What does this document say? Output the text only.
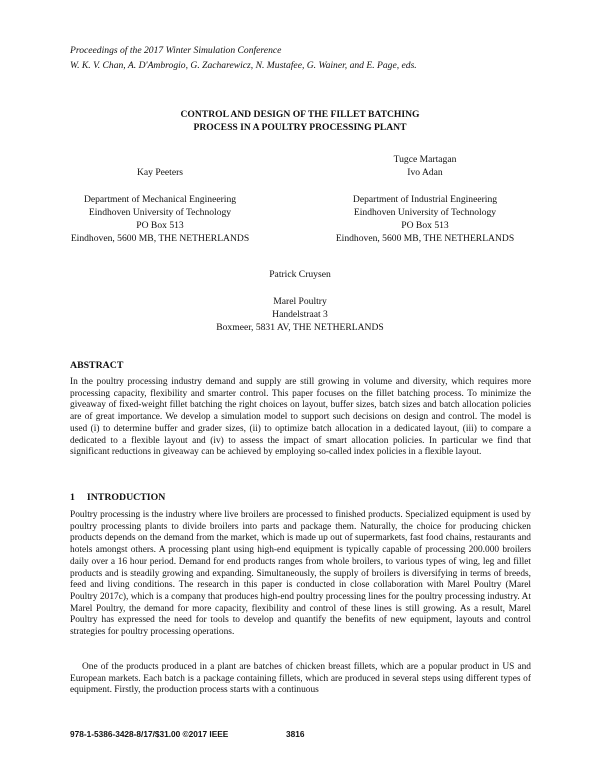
Proceedings of the 2017 Winter Simulation Conference
W. K. V. Chan, A. D'Ambrogio, G. Zacharewicz, N. Mustafee, G. Wainer, and E. Page, eds.
CONTROL AND DESIGN OF THE FILLET BATCHING
PROCESS IN A POULTRY PROCESSING PLANT
Kay Peeters
Department of Mechanical Engineering
Eindhoven University of Technology
PO Box 513
Eindhoven, 5600 MB, THE NETHERLANDS
Tugce Martagan
Ivo Adan
Department of Industrial Engineering
Eindhoven University of Technology
PO Box 513
Eindhoven, 5600 MB, THE NETHERLANDS
Patrick Cruysen
Marel Poultry
Handelstraat 3
Boxmeer, 5831 AV, THE NETHERLANDS
ABSTRACT

In the poultry processing industry demand and supply are still growing in volume and diversity, which requires more processing capacity, flexibility and smarter control. This paper focuses on the fillet batching process. To minimize the giveaway of fixed-weight fillet batching the right choices on layout, buffer sizes, batch sizes and batch allocation policies are of great importance. We develop a simulation model to support such decisions on design and control. The model is used (i) to determine buffer and grader sizes, (ii) to optimize batch allocation in a dedicated layout, (iii) to compare a dedicated to a flexible layout and (iv) to assess the impact of smart allocation policies. In particular we find that significant reductions in giveaway can be achieved by employing so-called index policies in a flexible layout.

1 INTRODUCTION

Poultry processing is the industry where live broilers are processed to finished products. Specialized equipment is used by poultry processing plants to divide broilers into parts and package them. Naturally, the choice for producing chicken products depends on the demand from the market, which is made up out of supermarkets, fast food chains, restaurants and hotels amongst others. A processing plant using high-end equipment is typically capable of processing 200.000 broilers daily over a 16 hour period. Demand for end products ranges from whole broilers, to various types of wing, leg and fillet products and is steadily growing and expanding. Simultaneously, the supply of broilers is diversifying in terms of breeds, feed and living conditions. The research in this paper is conducted in close collaboration with Marel Poultry (Marel Poultry 2017c), which is a company that produces high-end poultry processing lines for the poultry processing industry. At Marel Poultry, the demand for more capacity, flexibility and control of these lines is still growing. As a result, Marel Poultry has expressed the need for tools to develop and quantify the benefits of new equipment, layouts and control strategies for poultry processing operations.

One of the products produced in a plant are batches of chicken breast fillets, which are a popular product in US and European markets. Each batch is a package containing fillets, which are produced in several steps using different types of equipment. Firstly, the production process starts with a continuous

978-1-5386-3428-8/17/$31.00 ©2017 IEEE	3816
